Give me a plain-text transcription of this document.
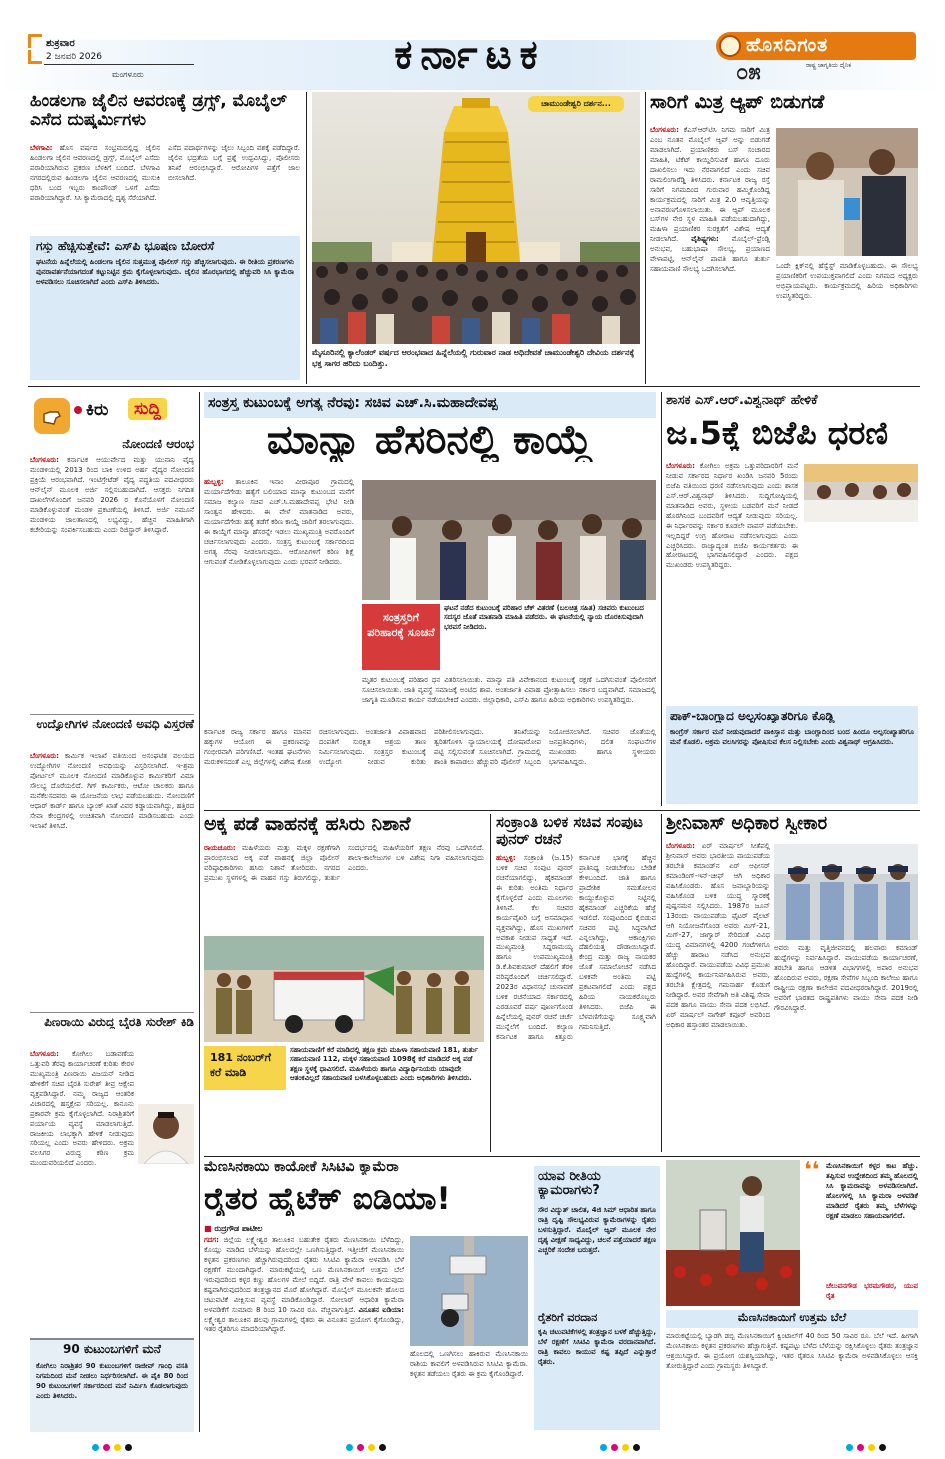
ಶುಕ್ರವಾರ
2 ಜನವರಿ 2026
ಮಂಗಳೂರು	ಕರ್ನಾಟಕ	ಹೊಸದಿಗಂತ
ರಾಷ್ಟ್ರ ಜಾಗೃತಿಯ ದೈನಿಕ
೦೫
ಹಿಂಡಲಗಾ ಜೈಲಿನ ಆವರಣಕ್ಕೆ ಡ್ರಗ್ಸ್, ಮೊಬೈಲ್ ಎಸೆದ ದುಷ್ಕರ್ಮಿಗಳು
ಬೆಳಗಾವಿ: ಹೊಸ ವರ್ಷದ ಸಂಭ್ರಮದಲ್ಲಿದ್ದ ಜೈಲಿನ ಹಿಂಡಲಗಾ ಜೈಲಿನ ಆವರಣದಲ್ಲಿ ಡ್ರಗ್ಸ್, ಮೊಬೈಲ್ ಎಸೆದು ಪರಾರಿಯಾಗಿರುವ ಪ್ರಕರಣ ಬೆಳಕಿಗೆ ಬಂದಿದೆ. ಬೆಳಗಾವಿ ನಗರದಲ್ಲಿರುವ ಹಿಂಡಲಗಾ ಜೈಲಿನ ಆವರಣದಲ್ಲಿ ಮುಸುಕಿ ಧರಿಸಿ ಬಂದ ಇಬ್ಬರು ಕಾಂಪೌಂಡ್ ಒಳಗೆ ಎಸೆದು ಪರಾರಿಯಾಗಿದ್ದಾರೆ. ಸಿಸಿ ಕ್ಯಾಮೆರಾದಲ್ಲಿ ದೃಶ್ಯ ಸೆರೆಯಾಗಿದೆ.
ಎಸೆದ ಪದಾರ್ಥಗಳನ್ನು ಜೈಲು ಸಿಬ್ಬಂದಿ ವಶಕ್ಕೆ ಪಡೆದಿದ್ದಾರೆ. ಜೈಲಿನ ಭದ್ರತೆಯ ಬಗ್ಗೆ ಪ್ರಶ್ನೆ ಉದ್ಭವಿಸಿದ್ದು, ಪೊಲೀಸರು ತನಿಖೆ ಆರಂಭಿಸಿದ್ದಾರೆ. ಆರೋಪಿಗಳ ಪತ್ತೆಗೆ ಜಾಲ ಬೀಸಲಾಗಿದೆ.
ಗಸ್ತು ಹೆಚ್ಚಿಸುತ್ತೇವೆ: ಎಸ್‌ಪಿ ಭೂಷಣ ಬೋರಸೆ
ಘಟನೆಯ ಹಿನ್ನೆಲೆಯಲ್ಲಿ ಹಿಂಡಲಗಾ ಜೈಲಿನ ಸುತ್ತಮುತ್ತ ಪೊಲೀಸ್ ಗಸ್ತು ಹೆಚ್ಚಿಸಲಾಗುವುದು. ಈ ರೀತಿಯ ಪ್ರಕರಣಗಳು ಪುನರಾವರ್ತನೆಯಾಗದಂತೆ ಕಟ್ಟುನಿಟ್ಟಿನ ಕ್ರಮ ಕೈಗೊಳ್ಳಲಾಗುವುದು. ಜೈಲಿನ ಹೊರಭಾಗದಲ್ಲಿ ಹೆಚ್ಚುವರಿ ಸಿಸಿ ಕ್ಯಾಮೆರಾ ಅಳವಡಿಸಲು ಸೂಚಿಸಲಾಗಿದೆ ಎಂದು ಎಸ್‌ಪಿ ತಿಳಿಸಿದರು.
ಚಾಮುಂಡೇಶ್ವರಿ ದರ್ಶನ...
ಮೈಸೂರಿನಲ್ಲಿ ಕ್ಯಾಲೆಂಡರ್ ವರ್ಷದ ಆರಂಭವಾದ ಹಿನ್ನೆಲೆಯಲ್ಲಿ ಗುರುವಾರ ನಾಡ ಅಧಿದೇವತೆ ಚಾಮುಂಡೇಶ್ವರಿ ದೇವಿಯ ದರ್ಶನಕ್ಕೆ ಭಕ್ತ ಸಾಗರ ಹರಿದು ಬಂದಿತ್ತು.
ಸಾರಿಗೆ ಮಿತ್ರ ಆ್ಯಪ್ ಬಿಡುಗಡೆ
ಬೆಂಗಳೂರು: ಕೆಎಸ್‌ಆರ್‌ಟಿಸಿ ನಿಗಮ ಸಾರಿಗೆ ಮಿತ್ರ ಎಂಬ ನೂತನ ಮೊಬೈಲ್ ಆ್ಯಪ್ ಅನ್ನು ಬಿಡುಗಡೆ ಮಾಡಲಾಗಿದೆ. ಪ್ರಯಾಣಿಕರು ಬಸ್ ಸಂಚಾರದ ಮಾಹಿತಿ, ಟಿಕೆಟ್ ಕಾಯ್ದಿರಿಸುವಿಕೆ ಹಾಗೂ ದೂರು ದಾಖಲಿಸಲು ಇದು ನೆರವಾಗಲಿದೆ ಎಂದು ಸಚಿವ ರಾಮಲಿಂಗಾರೆಡ್ಡಿ ತಿಳಿಸಿದರು. ಕರ್ನಾಟಕ ರಾಜ್ಯ ರಸ್ತೆ ಸಾರಿಗೆ ನಿಗಮದಿಂದ ಗುರುವಾರ ಹಮ್ಮಿಕೊಂಡಿದ್ದ ಕಾರ್ಯಕ್ರಮದಲ್ಲಿ ಸಾರಿಗೆ ಮಿತ್ರ 2.0 ಆವೃತ್ತಿಯನ್ನು ಅನಾವರಣಗೊಳಿಸಲಾಯಿತು. ಈ ಆ್ಯಪ್ ಮೂಲಕ ಬಸ್‌ಗಳ ನೇರ ಸ್ಥಳ ಮಾಹಿತಿ ಪಡೆಯಬಹುದಾಗಿದ್ದು, ಮಹಿಳಾ ಪ್ರಯಾಣಿಕರ ಸುರಕ್ಷತೆಗೆ ವಿಶೇಷ ಆದ್ಯತೆ ನೀಡಲಾಗಿದೆ. ವೈಶಿಷ್ಟ್ಯಗಳು: ಮೊಬೈಲ್-ಫ್ರೆಂಡ್ಲಿ ಅನುಭವ, ಬಹುಭಾಷಾ ಸೌಲಭ್ಯ, ಪ್ರಯಾಣದ ವೇಳಾಪಟ್ಟಿ, ಆನ್‌ಲೈನ್ ಪಾವತಿ ಹಾಗೂ ತುರ್ತು ಸಹಾಯವಾಣಿ ಸೌಲಭ್ಯ ಒದಗಿಸಲಾಗಿದೆ.	ಒಂದೇ ಕ್ಲಿಕ್‌ನಲ್ಲಿ ಹೆಸ್ವೆಸ್ಟ್ ಮಾಡಿಕೊಳ್ಳಬಹುದು. ಈ ಸೌಲಭ್ಯ ಪ್ರಯಾಣಿಕರಿಗೆ ಉಪಯುಕ್ತವಾಗಲಿದೆ ಎಂದು ನಿಗಮದ ಅಧ್ಯಕ್ಷರು ಅಭಿಪ್ರಾಯಪಟ್ಟರು. ಕಾರ್ಯಕ್ರಮದಲ್ಲಿ ಹಿರಿಯ ಅಧಿಕಾರಿಗಳು ಉಪಸ್ಥಿತರಿದ್ದರು.
ಕಿರು	ಸುದ್ದಿ
ನೋಂದಣಿ ಆರಂಭ
ಬೆಂಗಳೂರು: ಕರ್ನಾಟಕ ಆಯುರ್ವೇದ ಮತ್ತು ಯುನಾನಿ ವೈದ್ಯ ಮಂಡಳಿಯಲ್ಲಿ 2013 ರಿಂದ ಬಾಕಿ ಉಳಿದ ಅರ್ಹ ವೈದ್ಯರ ನೋಂದಣಿ ಪ್ರಕ್ರಿಯೆ ಆರಂಭವಾಗಿದೆ. ಇಂಟಿಗ್ರೇಟೆಡ್ ವೈದ್ಯ ಪದ್ಧತಿಯ ಪದವೀಧರರು ಆನ್‌ಲೈನ್ ಮೂಲಕ ಅರ್ಜಿ ಸಲ್ಲಿಸಬಹುದಾಗಿದೆ. ಆಸಕ್ತರು ನಿಗದಿತ ದಾಖಲೆಗಳೊಂದಿಗೆ ಜನವರಿ 2026 ರ ಕೊನೆಯೊಳಗೆ ನೋಂದಣಿ ಮಾಡಿಕೊಳ್ಳುವಂತೆ ಮಂಡಳಿ ಪ್ರಕಟಣೆಯಲ್ಲಿ ತಿಳಿಸಿದೆ. ಅರ್ಜಿ ನಮೂನೆ ಮಂಡಳಿಯ ಜಾಲತಾಣದಲ್ಲಿ ಲಭ್ಯವಿದ್ದು, ಹೆಚ್ಚಿನ ಮಾಹಿತಿಗಾಗಿ ಕಚೇರಿಯನ್ನು ಸಂಪರ್ಕಿಸಬಹುದು ಎಂದು ರಿಜಿಸ್ಟ್ರಾರ್ ತಿಳಿಸಿದ್ದಾರೆ.
ಉದ್ಯೋಗಿಗಳ ನೋಂದಣಿ ಅವಧಿ ವಿಸ್ತರಣೆ
ಬೆಂಗಳೂರು: ಕಾರ್ಮಿಕ ಇಲಾಖೆ ವತಿಯಿಂದ ಅಸಂಘಟಿತ ವಲಯದ ಉದ್ಯೋಗಿಗಳ ನೋಂದಣಿ ಅವಧಿಯನ್ನು ವಿಸ್ತರಿಸಲಾಗಿದೆ. ಇ-ಶ್ರಮ ಪೋರ್ಟಲ್ ಮೂಲಕ ನೋಂದಣಿ ಮಾಡಿಕೊಳ್ಳುವ ಕಾರ್ಮಿಕರಿಗೆ ವಿಮಾ ಸೌಲಭ್ಯ ದೊರೆಯಲಿದೆ. ಗಿಗ್ ಕಾರ್ಮಿಕರು, ಆಟೋ ಚಾಲಕರು ಹಾಗೂ ಮನೆಕೆಲಸದವರು ಈ ಯೋಜನೆಯ ಲಾಭ ಪಡೆಯಬಹುದು. ನೋಂದಣಿಗೆ ಆಧಾರ್ ಕಾರ್ಡ್ ಹಾಗೂ ಬ್ಯಾಂಕ್ ಖಾತೆ ವಿವರ ಕಡ್ಡಾಯವಾಗಿದ್ದು, ಹತ್ತಿರದ ಸೇವಾ ಕೇಂದ್ರಗಳಲ್ಲಿ ಉಚಿತವಾಗಿ ನೋಂದಣಿ ಮಾಡಿಸಬಹುದು ಎಂದು ಇಲಾಖೆ ತಿಳಿಸಿದೆ.
ಪಿಣರಾಯಿ ವಿರುದ್ಧ ಬೈರತಿ ಸುರೇಶ್ ಕಿಡಿ
ಬೆಂಗಳೂರು: ಕೋಗಿಲು ಬಡಾವಣೆಯ ಒತ್ತುವರಿ ತೆರವು ಕಾರ್ಯಾಚರಣೆ ಕುರಿತು ಕೇರಳ ಮುಖ್ಯಮಂತ್ರಿ ಪಿಣರಾಯಿ ವಿಜಯನ್ ನೀಡಿದ ಹೇಳಿಕೆಗೆ ಸಚಿವ ಬೈರತಿ ಸುರೇಶ್ ತೀವ್ರ ಆಕ್ಷೇಪ ವ್ಯಕ್ತಪಡಿಸಿದ್ದಾರೆ. ನಮ್ಮ ರಾಜ್ಯದ ಆಂತರಿಕ ವಿಚಾರದಲ್ಲಿ ಹಸ್ತಕ್ಷೇಪ ಸರಿಯಲ್ಲ. ಕಾನೂನು ಪ್ರಕಾರವೇ ಕ್ರಮ ಕೈಗೊಳ್ಳಲಾಗಿದೆ. ನಿರಾಶ್ರಿತರಿಗೆ ಪರ್ಯಾಯ ವ್ಯವಸ್ಥೆ ಮಾಡಲಾಗುತ್ತಿದೆ. ರಾಜಕೀಯ ಲಾಭಕ್ಕಾಗಿ ಹೇಳಿಕೆ ನೀಡುವುದು ಸರಿಯಲ್ಲ ಎಂದು ಅವರು ಹೇಳಿದರು. ಅಕ್ರಮ ವಲಸಿಗರ ವಿರುದ್ಧ ಕಠಿಣ ಕ್ರಮ ಮುಂದುವರಿಯಲಿದೆ ಎಂದರು.
90 ಕುಟುಂಬಗಳಿಗೆ ಮನೆ
ಕೋಗಿಲು ನಿರಾಶ್ರಿತರ 90 ಕುಟುಂಬಗಳಿಗೆ ರಾಜೀವ್ ಗಾಂಧಿ ವಸತಿ ನಿಗಮದಿಂದ ಮನೆ ನೀಡಲು ನಿರ್ಧರಿಸಲಾಗಿದೆ. ಈ ಪೈಕಿ 80 ರಿಂದ 90 ಕುಟುಂಬಗಳಿಗೆ ಸರ್ಕಾರದಿಂದ ಮನೆ ನಿರ್ಮಿಸಿ ಕೊಡಲಾಗುವುದು ಎಂದು ತಿಳಿಸಿದರು.
ಸಂತ್ರಸ್ತ ಕುಟುಂಬಕ್ಕೆ ಅಗತ್ಯ ನೆರವು: ಸಚಿವ ಎಚ್.ಸಿ.ಮಹಾದೇವಪ್ಪ
ಮಾನ್ಯಾ ಹೆಸರಿನಲ್ಲಿ ಕಾಯ್ದೆ
ಹುಬ್ಬಳ್ಳಿ: ತಾಲೂಕಿನ ಇನಾಂ ವೀರಾಪೂರ ಗ್ರಾಮದಲ್ಲಿ ಮರ್ಯಾದೆಗೇಡು ಹತ್ಯೆಗೆ ಬಲಿಯಾದ ಮಾನ್ಯಾ ಕುಟುಂಬದ ಮನೆಗೆ ಸಮಾಜ ಕಲ್ಯಾಣ ಸಚಿವ ಎಚ್.ಸಿ.ಮಹಾದೇವಪ್ಪ ಭೇಟಿ ನೀಡಿ ಸಾಂತ್ವನ ಹೇಳಿದರು. ಈ ವೇಳೆ ಮಾತನಾಡಿದ ಅವರು, ಮರ್ಯಾದೆಗೇಡು ಹತ್ಯೆ ತಡೆಗೆ ಕಠಿಣ ಕಾಯ್ದೆ ಜಾರಿಗೆ ತರಲಾಗುವುದು. ಈ ಕಾಯ್ದೆಗೆ ಮಾನ್ಯಾ ಹೆಸರನ್ನೇ ಇಡಲು ಮುಖ್ಯಮಂತ್ರಿ ಅವರೊಂದಿಗೆ ಚರ್ಚಿಸಲಾಗುವುದು ಎಂದರು. ಸಂತ್ರಸ್ತ ಕುಟುಂಬಕ್ಕೆ ಸರ್ಕಾರದಿಂದ ಅಗತ್ಯ ನೆರವು ನೀಡಲಾಗುವುದು. ಆರೋಪಿಗಳಿಗೆ ಕಠಿಣ ಶಿಕ್ಷೆ ಆಗುವಂತೆ ನೋಡಿಕೊಳ್ಳಲಾಗುವುದು ಎಂದು ಭರವಸೆ ನೀಡಿದರು.
ಸಂತ್ರಸ್ತರಿಗೆ ಪರಿಹಾರಕ್ಕೆ ಸೂಚನೆ
ಘಟನೆ ನಡೆದ ಕುಟುಂಬಕ್ಕೆ ಪರಿಹಾರ ಚೆಕ್ ವಿತರಣೆ (ಬಲಚಿತ್ರ ಸಹಿತ) ಸಚಿವರು ಕುಟುಂಬದ ಸದಸ್ಯರ ಜೊತೆ ಮಾತನಾಡಿ ಮಾಹಿತಿ ಪಡೆದರು. ಈ ಘಟನೆಯಲ್ಲಿ ನ್ಯಾಯ ದೊರಕಿಸುವುದಾಗಿ ಭರವಸೆ ನೀಡಿದರು.
ಮೃತರ ಕುಟುಂಬಕ್ಕೆ ಪರಿಹಾರ ಧನ ವಿತರಿಸಲಾಯಿತು. ಮಾನ್ಯಾ ಪತಿ ವಿವೇಕಾನಂದ ಕುಟುಂಬಕ್ಕೆ ರಕ್ಷಣೆ ಒದಗಿಸುವಂತೆ ಪೊಲೀಸರಿಗೆ ಸೂಚಿಸಲಾಯಿತು. ಜಾತಿ ವ್ಯವಸ್ಥೆ ಸಮಾಜಕ್ಕೆ ಅಂಟಿದ ಶಾಪ. ಅಂತರ್ಜಾತಿ ವಿವಾಹ ಪ್ರೋತ್ಸಾಹಿಸಲು ಸರ್ಕಾರ ಬದ್ಧವಾಗಿದೆ. ಸಮಾಜದಲ್ಲಿ ಜಾಗೃತಿ ಮೂಡಿಸುವ ಕಾರ್ಯ ನಡೆಯಬೇಕಿದೆ ಎಂದರು. ಜಿಲ್ಲಾಧಿಕಾರಿ, ಎಸ್‌ಪಿ ಹಾಗೂ ಹಿರಿಯ ಅಧಿಕಾರಿಗಳು ಉಪಸ್ಥಿತರಿದ್ದರು.
ಕರ್ನಾಟಕ ರಾಜ್ಯ ಸರ್ಕಾರ ಹಾಗೂ ಮಾನವ ಹಕ್ಕುಗಳ ಆಯೋಗ ಈ ಪ್ರಕರಣವನ್ನು ಗಂಭೀರವಾಗಿ ಪರಿಗಣಿಸಿದೆ. ಇಂತಹ ಘಟನೆಗಳು ಮರುಕಳಿಸದಂತೆ ಎಲ್ಲ ಜಿಲ್ಲೆಗಳಲ್ಲಿ ವಿಶೇಷ ಕೋಶ ರಚಿಸಲಾಗುವುದು. ಅಂತರ್ಜಾತಿ ವಿವಾಹವಾದ ದಂಪತಿಗೆ ಸುರಕ್ಷಿತ ಆಶ್ರಯ ತಾಣ ನಿರ್ಮಿಸಲಾಗುವುದು. ಸಂತ್ರಸ್ತರ ಕುಟುಂಬಕ್ಕೆ ಉದ್ಯೋಗ ನೀಡುವ ಕುರಿತು ಪರಿಶೀಲಿಸಲಾಗುವುದು. ತನಿಖೆಯನ್ನು ತ್ವರಿತಗೊಳಿಸಿ ನ್ಯಾಯಾಲಯಕ್ಕೆ ದೋಷಾರೋಪ ಪಟ್ಟಿ ಸಲ್ಲಿಸುವಂತೆ ಸೂಚಿಸಲಾಗಿದೆ. ಗ್ರಾಮದಲ್ಲಿ ಶಾಂತಿ ಕಾಪಾಡಲು ಹೆಚ್ಚುವರಿ ಪೊಲೀಸ್ ಸಿಬ್ಬಂದಿ ನಿಯೋಜಿಸಲಾಗಿದೆ. ಸಚಿವರ ಜೊತೆಯಲ್ಲಿ ಜನಪ್ರತಿನಿಧಿಗಳು, ದಲಿತ ಸಂಘಟನೆಗಳ ಮುಖಂಡರು ಹಾಗೂ ಸ್ಥಳೀಯರು ಭಾಗವಹಿಸಿದ್ದರು.
ಶಾಸಕ ಎಸ್.ಆರ್.ವಿಶ್ವನಾಥ್ ಹೇಳಿಕೆ
ಜ.5ಕ್ಕೆ ಬಿಜೆಪಿ ಧರಣಿ
ಬೆಂಗಳೂರು: ಕೋಗಿಲು ಅಕ್ರಮ ಒತ್ತುವರಿದಾರರಿಗೆ ಮನೆ ನೀಡುವ ಸರ್ಕಾರದ ನಿರ್ಧಾರ ಖಂಡಿಸಿ ಜನವರಿ 5ರಂದು ಬಿಜೆಪಿ ವತಿಯಿಂದ ಧರಣಿ ನಡೆಸಲಾಗುವುದು ಎಂದು ಶಾಸಕ ಎಸ್.ಆರ್.ವಿಶ್ವನಾಥ್ ತಿಳಿಸಿದರು. ಸುದ್ದಿಗೋಷ್ಠಿಯಲ್ಲಿ ಮಾತನಾಡಿದ ಅವರು, ಸ್ಥಳೀಯ ಬಡವರಿಗೆ ಮನೆ ನೀಡದೆ ಹೊರಗಿನಿಂದ ಬಂದವರಿಗೆ ಆದ್ಯತೆ ನೀಡುವುದು ಸರಿಯಲ್ಲ. ಈ ನಿರ್ಧಾರವನ್ನು ಸರ್ಕಾರ ಕೂಡಲೇ ವಾಪಸ್ ಪಡೆಯಬೇಕು. ಇಲ್ಲದಿದ್ದರೆ ಉಗ್ರ ಹೋರಾಟ ನಡೆಸಲಾಗುವುದು ಎಂದು ಎಚ್ಚರಿಸಿದರು. ರಾಜ್ಯಾದ್ಯಂತ ಬಿಜೆಪಿ ಕಾರ್ಯಕರ್ತರು ಈ ಹೋರಾಟದಲ್ಲಿ ಭಾಗವಹಿಸಲಿದ್ದಾರೆ ಎಂದರು. ಪಕ್ಷದ ಮುಖಂಡರು ಉಪಸ್ಥಿತರಿದ್ದರು.
ಪಾಕ್-ಬಾಂಗ್ಲಾದ ಅಲ್ಪಸಂಖ್ಯಾತರಿಗೂ ಕೊಡ್ಲಿ
ಕಾಂಗ್ರೆಸ್ ಸರ್ಕಾರ ಮನೆ ನೀಡುವುದಾದರೆ ಪಾಕಿಸ್ತಾನ ಮತ್ತು ಬಾಂಗ್ಲಾದಿಂದ ಬಂದ ಹಿಂದೂ ಅಲ್ಪಸಂಖ್ಯಾತರಿಗೂ ಮನೆ ಕೊಡಲಿ. ಅಕ್ರಮ ವಲಸಿಗರನ್ನು ಪೋಷಿಸುವ ಕೆಲಸ ನಿಲ್ಲಿಸಬೇಕು ಎಂದು ವಿಶ್ವನಾಥ್ ಆಗ್ರಹಿಸಿದರು.
ಅಕ್ಕ ಪಡೆ ವಾಹನಕ್ಕೆ ಹಸಿರು ನಿಶಾನೆ
ರಾಯಚೂರು: ಮಹಿಳೆಯರು ಮತ್ತು ಮಕ್ಕಳ ರಕ್ಷಣೆಗಾಗಿ ಪ್ರಾರಂಭಿಸಲಾದ ಅಕ್ಕ ಪಡೆ ವಾಹನಕ್ಕೆ ಜಿಲ್ಲಾ ಪೊಲೀಸ್ ವರಿಷ್ಠಾಧಿಕಾರಿಗಳು ಹಸಿರು ನಿಶಾನೆ ತೋರಿದರು. ನಗರದ ಪ್ರಮುಖ ಸ್ಥಳಗಳಲ್ಲಿ ಈ ವಾಹನ ಗಸ್ತು ತಿರುಗಲಿದ್ದು, ತುರ್ತು ಸಂದರ್ಭದಲ್ಲಿ ಮಹಿಳೆಯರಿಗೆ ತಕ್ಷಣ ನೆರವು ಒದಗಿಸಲಿದೆ. ಶಾಲಾ-ಕಾಲೇಜುಗಳ ಬಳಿ ವಿಶೇಷ ನಿಗಾ ವಹಿಸಲಾಗುವುದು ಎಂದರು.
181 ನಂಬರ್‌ಗೆ ಕರೆ ಮಾಡಿ
ಸಹಾಯವಾಣಿಗೆ ಕರೆ ಮಾಡಿದಲ್ಲಿ ತಕ್ಷಣ ಕ್ರಮ ಮಹಿಳಾ ಸಹಾಯವಾಣಿ 181, ತುರ್ತು ಸಹಾಯವಾಣಿ 112, ಮಕ್ಕಳ ಸಹಾಯವಾಣಿ 1098ಕ್ಕೆ ಕರೆ ಮಾಡಿದರೆ ಅಕ್ಕ ಪಡೆ ತಕ್ಷಣ ಸ್ಥಳಕ್ಕೆ ಧಾವಿಸಲಿದೆ. ಮಹಿಳೆಯರು ಹಾಗೂ ವಿದ್ಯಾರ್ಥಿನಿಯರು ಯಾವುದೇ ಆತಂಕವಿಲ್ಲದೆ ಸಹಾಯವಾಣಿ ಬಳಸಿಕೊಳ್ಳಬಹುದು ಎಂದು ಅಧಿಕಾರಿಗಳು ತಿಳಿಸಿದರು.
ಸಂಕ್ರಾಂತಿ ಬಳಿಕ ಸಚಿವ ಸಂಪುಟ ಪುನರ್ ರಚನೆ
ಹುಬ್ಬಳ್ಳಿ: ಸಂಕ್ರಾಂತಿ (ಜ.15) ಬಳಿಕ ಸಚಿವ ಸಂಪುಟ ಪುನರ್ ರಚನೆಯಾಗಲಿದ್ದು, ಹೈಕಮಾಂಡ್ ಈ ಕುರಿತು ಅಂತಿಮ ನಿರ್ಧಾರ ಕೈಗೊಳ್ಳಲಿದೆ ಎಂದು ಮೂಲಗಳು ತಿಳಿಸಿವೆ. ಕೆಲ ಸಚಿವರ ಕಾರ್ಯವೈಖರಿ ಬಗ್ಗೆ ಅಸಮಾಧಾನ ವ್ಯಕ್ತವಾಗಿದ್ದು, ಹೊಸ ಮುಖಗಳಿಗೆ ಅವಕಾಶ ನೀಡುವ ಸಾಧ್ಯತೆ ಇದೆ. ಮುಖ್ಯಮಂತ್ರಿ ಸಿದ್ದರಾಮಯ್ಯ ಹಾಗೂ ಉಪಮುಖ್ಯಮಂತ್ರಿ ಡಿ.ಕೆ.ಶಿವಕುಮಾರ್ ದೆಹಲಿಗೆ ತೆರಳಿ ವರಿಷ್ಠರೊಂದಿಗೆ ಚರ್ಚಿಸಲಿದ್ದಾರೆ. 2023ರ ವಿಧಾನಸಭೆ ಚುನಾವಣೆ ಬಳಿಕ ರಚನೆಯಾದ ಸರ್ಕಾರದಲ್ಲಿ ಎರಡೂವರೆ ವರ್ಷ ಪೂರ್ಣಗೊಂಡ ಹಿನ್ನೆಲೆಯಲ್ಲಿ ಪುನರ್ ರಚನೆ ಚರ್ಚೆ ಮುನ್ನೆಲೆಗೆ ಬಂದಿದೆ. ಕಲ್ಯಾಣ ಕರ್ನಾಟಕ ಹಾಗೂ ಕಿತ್ತೂರು ಕರ್ನಾಟಕ ಭಾಗಕ್ಕೆ ಹೆಚ್ಚಿನ ಪ್ರಾತಿನಿಧ್ಯ ನೀಡಬೇಕೆಂಬ ಬೇಡಿಕೆ ಕೇಳಿಬಂದಿದೆ. ಜಾತಿ ಹಾಗೂ ಪ್ರಾದೇಶಿಕ ಸಮತೋಲನ ಕಾಯ್ದುಕೊಳ್ಳುವ ನಿಟ್ಟಿನಲ್ಲಿ ಹೈಕಮಾಂಡ್ ಎಚ್ಚರಿಕೆಯ ಹೆಜ್ಜೆ ಇಡಲಿದೆ. ಸಂಪುಟದಿಂದ ಕೈಬಿಡುವ ಸಚಿವರ ಪಟ್ಟಿ ಸಿದ್ಧವಾಗಿದೆ ಎನ್ನಲಾಗಿದ್ದು, ಆಕಾಂಕ್ಷಿಗಳು ದೆಹಲಿಯತ್ತ ದೌಡಾಯಿಸಿದ್ದಾರೆ. ಕೇಂದ್ರ ಮತ್ತು ರಾಜ್ಯ ನಾಯಕರ ಜೊತೆ ಸಮಾಲೋಚನೆ ನಡೆಸಿದ ಬಳಿಕವೇ ಅಂತಿಮ ಪಟ್ಟಿ ಪ್ರಕಟವಾಗಲಿದೆ ಎಂದು ಪಕ್ಷದ ಹಿರಿಯ ನಾಯಕರೊಬ್ಬರು ತಿಳಿಸಿದರು. ಬಿಜೆಪಿ ಈ ಬೆಳವಣಿಗೆಯನ್ನು ಸೂಕ್ಷ್ಮವಾಗಿ ಗಮನಿಸುತ್ತಿದೆ.
ಶ್ರೀನಿವಾಸ್ ಅಧಿಕಾರ ಸ್ವೀಕಾರ
ಬೆಂಗಳೂರು: ಏರ್ ಮಾರ್ಷಲ್ ಸೀತೆಪಲ್ಲಿ ಶ್ರೀನಿವಾಸ್ ಅವರು ಭಾರತೀಯ ವಾಯುಪಡೆಯ ತರಬೇತಿ ಕಮಾಂಡ್‌ನ ಏರ್ ಆಫೀಸರ್ ಕಮಾಂಡಿಂಗ್-ಇನ್-ಚೀಫ್ ಆಗಿ ಅಧಿಕಾರ ವಹಿಸಿಕೊಂಡರು. ಹೊಸ ಜವಾಬ್ದಾರಿಯನ್ನು ವಹಿಸಿಕೊಂಡ ಬಳಿಕ ಯುದ್ಧ ಸ್ಮಾರಕಕ್ಕೆ ಪುಷ್ಪನಮನ ಸಲ್ಲಿಸಿದರು. 1987ರ ಜೂನ್ 13ರಂದು ವಾಯುಪಡೆಯ ಫೈಟರ್ ಪೈಲಟ್ ಆಗಿ ನಿಯೋಜನೆಗೊಂಡ ಅವರು ಮಿಗ್-21, ಮಿಗ್-27, ಜಾಗ್ವಾರ್ ಸೇರಿದಂತೆ ವಿವಿಧ ಯುದ್ಧ ವಿಮಾನಗಳಲ್ಲಿ 4200 ಗಂಟೆಗಳಿಗೂ ಹೆಚ್ಚು ಹಾರಾಟ ನಡೆಸಿದ ಅನುಭವ ಹೊಂದಿದ್ದಾರೆ. ವಾಯುಪಡೆಯ ವಿವಿಧ ಪ್ರಮುಖ ಹುದ್ದೆಗಳಲ್ಲಿ ಕಾರ್ಯನಿರ್ವಹಿಸಿರುವ ಅವರು, ತರಬೇತಿ ಕ್ಷೇತ್ರದಲ್ಲಿ ಗಮನಾರ್ಹ ಕೊಡುಗೆ ನೀಡಿದ್ದಾರೆ. ಅವರ ಸೇವೆಗಾಗಿ ಅತಿ ವಿಶಿಷ್ಟ ಸೇವಾ ಪದಕ ಹಾಗೂ ವಾಯು ಸೇನಾ ಪದಕ ಲಭಿಸಿದೆ. ಏರ್ ಮಾರ್ಷಲ್ ನಾಗೇಶ್ ಕಪೂರ್ ಅವರಿಂದ ಅಧಿಕಾರ ಹಸ್ತಾಂತರ ಮಾಡಲಾಯಿತು.
ಅವರು ಮತ್ತು ವೃತ್ತಿಜೀವನದಲ್ಲಿ ಹಲವಾರು ಕಮಾಂಡ್ ಹುದ್ದೆಗಳನ್ನು ನಿರ್ವಹಿಸಿದ್ದಾರೆ. ವಾಯುಪಡೆಯ ಕಾರ್ಯಾಚರಣೆ, ತರಬೇತಿ ಹಾಗೂ ಆಡಳಿತ ವಿಭಾಗಗಳಲ್ಲಿ ಅಪಾರ ಅನುಭವ ಹೊಂದಿರುವ ಅವರು, ರಕ್ಷಣಾ ಸೇವೆಗಳ ಸಿಬ್ಬಂದಿ ಕಾಲೇಜು ಹಾಗೂ ರಾಷ್ಟ್ರೀಯ ರಕ್ಷಣಾ ಕಾಲೇಜಿನ ಪದವೀಧರರಾಗಿದ್ದಾರೆ. 2019ರಲ್ಲಿ ಅವರಿಗೆ ಭಾರತದ ರಾಷ್ಟ್ರಪತಿಗಳು ವಾಯು ಸೇನಾ ಪದಕ ನೀಡಿ ಗೌರವಿಸಿದ್ದಾರೆ.
ಮೆಣಸಿನಕಾಯಿ ಕಾಯೋಕೆ ಸಿಸಿಟಿವಿ ಕ್ಯಾಮೆರಾ
ರೈತರ ಹೈಟೆಕ್ ಐಡಿಯಾ!
■ ರುದ್ರಗೌಡ ಪಾಟೀಲ
ಗದಗ: ಜಿಲ್ಲೆಯ ಲಕ್ಷ್ಮೇಶ್ವರ ತಾಲೂಕಿನ ಬಹುತೇಕ ರೈತರು ಮೆಣಸಿನಕಾಯಿ ಬೆಳೆದಿದ್ದು, ಕೊಯ್ಲು ಮಾಡಿದ ಬೆಳೆಯನ್ನು ಹೊಲದಲ್ಲೇ ಒಣಗಿಸುತ್ತಿದ್ದಾರೆ. ಇತ್ತೀಚೆಗೆ ಮೆಣಸಿನಕಾಯಿ ಕಳ್ಳತನ ಪ್ರಕರಣಗಳು ಹೆಚ್ಚಾಗಿರುವುದರಿಂದ ರೈತರು ಸಿಸಿಟಿವಿ ಕ್ಯಾಮೆರಾ ಅಳವಡಿಸಿ ಬೆಳೆ ರಕ್ಷಣೆಗೆ ಮುಂದಾಗಿದ್ದಾರೆ. ಮಾರುಕಟ್ಟೆಯಲ್ಲಿ ಒಣ ಮೆಣಸಿನಕಾಯಿಗೆ ಉತ್ತಮ ಬೆಲೆ ಇರುವುದರಿಂದ ಕಳ್ಳರ ಕಣ್ಣು ಹೊಲಗಳ ಮೇಲೆ ಬಿದ್ದಿದೆ. ರಾತ್ರಿ ವೇಳೆ ಕಾವಲು ಕಾಯುವುದು ಕಷ್ಟವಾಗಿರುವುದರಿಂದ ತಂತ್ರಜ್ಞಾನದ ಮೊರೆ ಹೋಗಿದ್ದಾರೆ. ಮೊಬೈಲ್ ಮೂಲಕವೇ ಹೊಲದ ಚಟುವಟಿಕೆ ವೀಕ್ಷಿಸುವ ವ್ಯವಸ್ಥೆ ಮಾಡಿಕೊಂಡಿದ್ದಾರೆ. ಸೋಲಾರ್ ಆಧಾರಿತ ಕ್ಯಾಮೆರಾ ಅಳವಡಿಕೆಗೆ ಸುಮಾರು 8 ರಿಂದ 10 ಸಾವಿರ ರೂ. ವೆಚ್ಚವಾಗುತ್ತಿದೆ. ವಿನೂತನ ಐಡಿಯಾ: ಲಕ್ಷ್ಮೇಶ್ವರ ತಾಲೂಕಿನ ಹಲವು ಗ್ರಾಮಗಳಲ್ಲಿ ರೈತರು ಈ ವಿನೂತನ ಪ್ರಯೋಗ ಕೈಗೊಂಡಿದ್ದು, ಇತರ ರೈತರಿಗೂ ಮಾದರಿಯಾಗಿದ್ದಾರೆ.
ಹೊಲದಲ್ಲಿ ಒಣಗಿಸಲು ಹಾಕಿರುವ ಮೆಣಸಿನಕಾಯಿ ರಾಶಿಯ ಕಾವಲಿಗೆ ಅಳವಡಿಸಿರುವ ಸಿಸಿಟಿವಿ ಕ್ಯಾಮೆರಾ. ಕಳ್ಳತನ ತಡೆಯಲು ರೈತರು ಈ ಕ್ರಮ ಕೈಗೊಂಡಿದ್ದಾರೆ.
ಯಾವ ರೀತಿಯ ಕ್ಯಾಮರಾಗಳು?
ಸೌರ ವಿದ್ಯುತ್ ಚಾಲಿತ, 4ಜಿ ಸಿಮ್ ಆಧಾರಿತ ಹಾಗೂ ರಾತ್ರಿ ದೃಷ್ಟಿ ಸೌಲಭ್ಯವಿರುವ ಕ್ಯಾಮೆರಾಗಳನ್ನು ರೈತರು ಬಳಸುತ್ತಿದ್ದಾರೆ. ಮೊಬೈಲ್ ಆ್ಯಪ್ ಮೂಲಕ ನೇರ ದೃಶ್ಯ ವೀಕ್ಷಣೆ ಸಾಧ್ಯವಿದ್ದು, ಚಲನೆ ಪತ್ತೆಯಾದರೆ ತಕ್ಷಣ ಎಚ್ಚರಿಕೆ ಸಂದೇಶ ಬರುತ್ತದೆ.
ರೈತರಿಗೆ ವರದಾನ
ಕೃಷಿ ಚಟುವಟಿಕೆಗಳಲ್ಲಿ ತಂತ್ರಜ್ಞಾನ ಬಳಕೆ ಹೆಚ್ಚುತ್ತಿದ್ದು, ಬೆಳೆ ರಕ್ಷಣೆಗೆ ಸಿಸಿಟಿವಿ ಕ್ಯಾಮೆರಾ ವರದಾನವಾಗಿದೆ. ರಾತ್ರಿ ಕಾವಲು ಕಾಯುವ ಕಷ್ಟ ತಪ್ಪಿದೆ ಎನ್ನುತ್ತಾರೆ ರೈತರು.
❛❛ ಮೆಣಸಿನಕಾಯಿಗೆ ಕಳ್ಳರ ಕಾಟ ಹೆಚ್ಚು. ತಪ್ಪಿಸುವ ಉದ್ದೇಶದಿಂದ ತಮ್ಮ ಹೊಲದಲ್ಲಿ ಸಿಸಿ ಕ್ಯಾಮರಾವನ್ನು ಅಳವಡಿಸಲಾಗಿದೆ. ಹೊಲಗಳಲ್ಲಿ ಸಿಸಿ ಕ್ಯಾಮರಾ ಅಳವಡಿಕೆ ಮಾಡಿದರೆ ರೈತರು ತಮ್ಮ ಬೆಳೆಗಳನ್ನು ರಕ್ಷಣೆ ಮಾಡಲು ಸಹಾಯವಾಗಲಿದೆ.
ಚೆಲುವನಗೌಡ ಭರಮಗೌಡರ, ಯುವ ರೈತ
ಮೆಣಸಿನಕಾಯಿಗೆ ಉತ್ತಮ ಬೆಲೆ
ಮಾರುಕಟ್ಟೆಯಲ್ಲಿ ಬ್ಯಾಡಗಿ ಡಬ್ಬಿ ಮೆಣಸಿನಕಾಯಿಗೆ ಕ್ವಿಂಟಾಲ್‌ಗೆ 40 ರಿಂದ 50 ಸಾವಿರ ರೂ. ಬೆಲೆ ಇದೆ. ಹೀಗಾಗಿ ಮೆಣಸಿನಕಾಯಿ ಕಳ್ಳತನ ಪ್ರಕರಣಗಳು ಹೆಚ್ಚಾಗುತ್ತಿವೆ. ಕಷ್ಟಪಟ್ಟು ಬೆಳೆದ ಬೆಳೆಯನ್ನು ರಕ್ಷಿಸಿಕೊಳ್ಳಲು ರೈತರು ತಂತ್ರಜ್ಞಾನ ಆಶ್ರಯಿಸಿದ್ದಾರೆ. ಈ ಪ್ರಯೋಗ ಯಶಸ್ವಿಯಾಗಿದ್ದು, ಇತರ ರೈತರೂ ಸಿಸಿಟಿವಿ ಕ್ಯಾಮೆರಾ ಅಳವಡಿಸಿಕೊಳ್ಳಲು ಆಸಕ್ತಿ ತೋರುತ್ತಿದ್ದಾರೆ ಎಂದು ಗ್ರಾಮಸ್ಥರು ತಿಳಿಸಿದ್ದಾರೆ.
